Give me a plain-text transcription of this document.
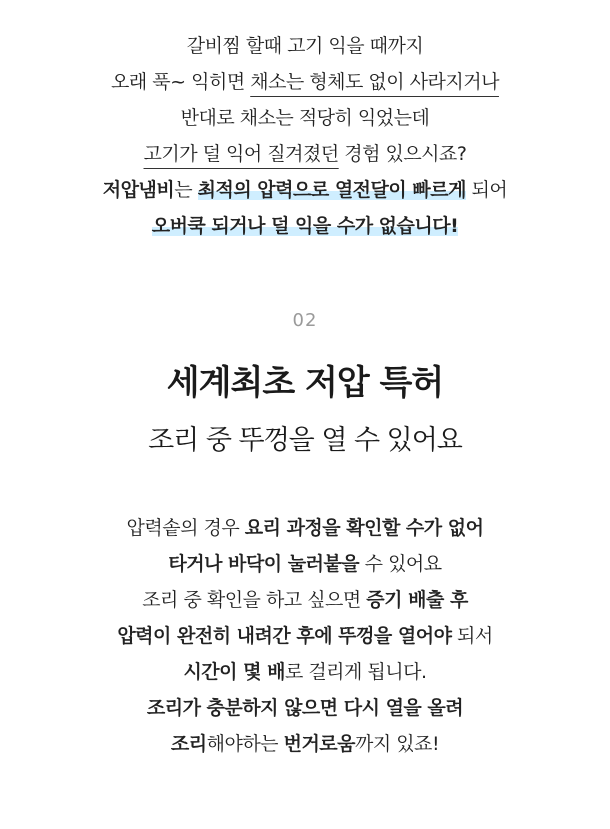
갈비찜 할때 고기 익을 때까지
오래 푹~ 익히면 채소는 형체도 없이 사라지거나
반대로 채소는 적당히 익었는데
고기가 덜 익어 질겨졌던 경험 있으시죠?
저압냄비는 최적의 압력으로 열전달이 빠르게 되어
오버쿡 되거나 덜 익을 수가 없습니다!
02
세계최초 저압 특허
조리 중 뚜껑을 열 수 있어요
압력솥의 경우 요리 과정을 확인할 수가 없어
타거나 바닥이 눌러붙을 수 있어요
조리 중 확인을 하고 싶으면 증기 배출 후
압력이 완전히 내려간 후에 뚜껑을 열어야 되서
시간이 몇 배로 걸리게 됩니다.
조리가 충분하지 않으면 다시 열을 올려
조리해야하는 번거로움까지 있죠!
